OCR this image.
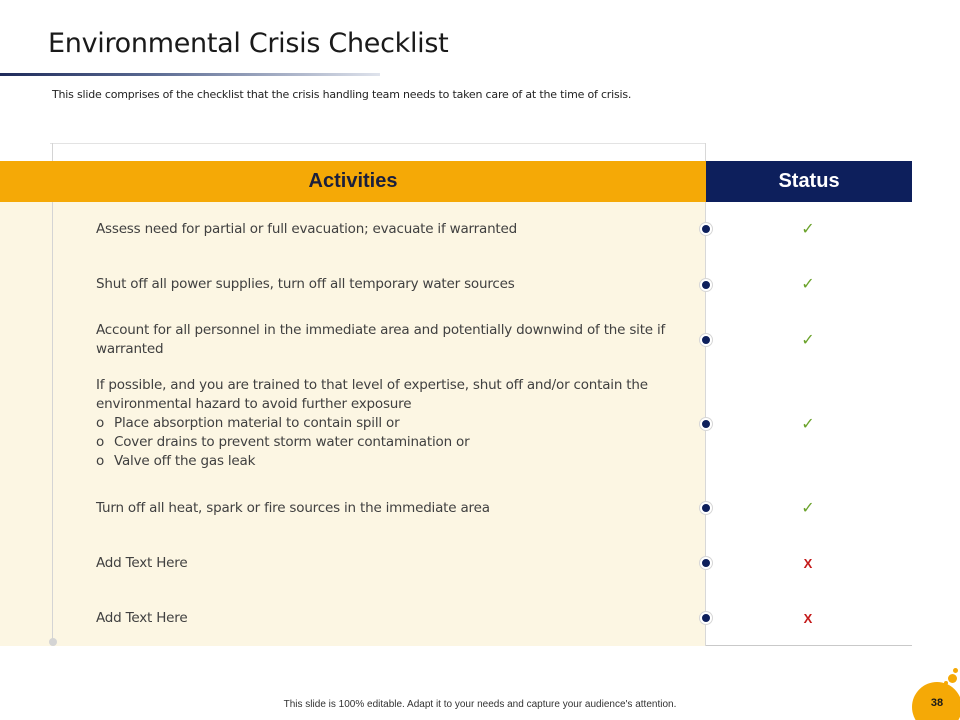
Environmental Crisis Checklist
This slide comprises of the checklist that the crisis handling team needs to taken care of at the time of crisis.
Activities	Status
Assess need for partial or full evacuation; evacuate if warranted	✓
Shut off all power supplies, turn off all temporary water sources	✓
Account for all personnel in the immediate area and potentially downwind of the site if
warranted	✓
If possible, and you are trained to that level of expertise, shut off and/or contain the
environmental hazard to avoid further exposure
o Place absorption material to contain spill or
o Cover drains to prevent storm water contamination or
o Valve off the gas leak
✓
Turn off all heat, spark or fire sources in the immediate area	✓
Add Text Here	X
Add Text Here	X
This slide is 100% editable. Adapt it to your needs and capture your audience's attention.	38
